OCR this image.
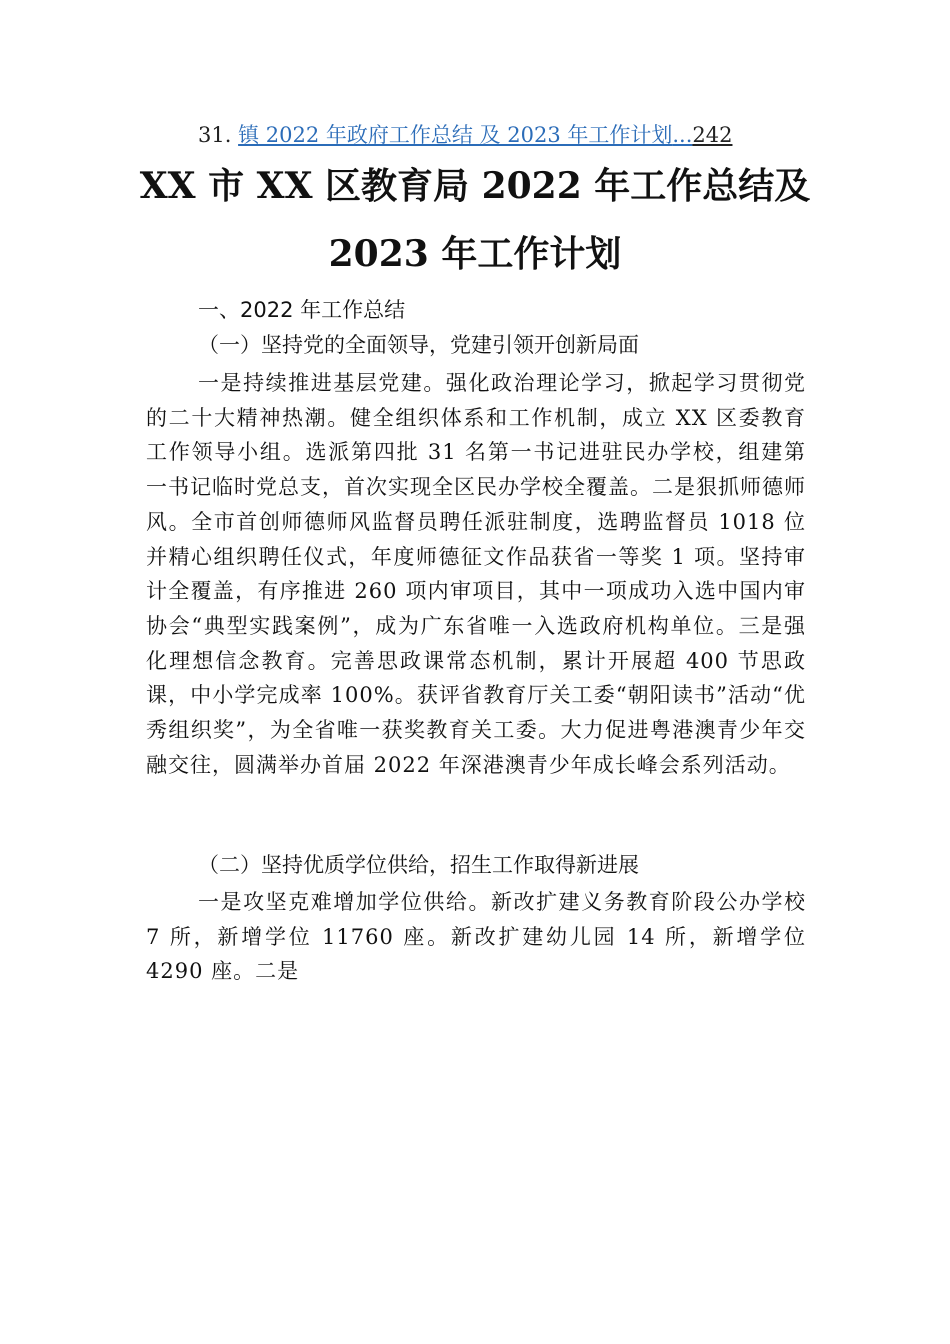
31. 镇 2022 年政府工作总结 及 2023 年工作计划...242
XX 市 XX 区教育局 2022 年工作总结及
2023 年工作计划
一、2022 年工作总结
（一）坚持党的全面领导，党建引领开创新局面

一是持续推进基层党建。强化政治理论学习，掀起学习贯彻党的二十大精神热潮。健全组织体系和工作机制，成立 XX 区委教育工作领导小组。选派第四批 31 名第一书记进驻民办学校，组建第一书记临时党总支，首次实现全区民办学校全覆盖。二是狠抓师德师风。全市首创师德师风监督员聘任派驻制度，选聘监督员 1018 位并精心组织聘任仪式，年度师德征文作品获省一等奖 1 项。坚持审计全覆盖，有序推进 260 项内审项目，其中一项成功入选中国内审协会“典型实践案例”，成为广东省唯一入选政府机构单位。三是强化理想信念教育。完善思政课常态机制，累计开展超 400 节思政课，中小学完成率 100%。获评省教育厅关工委“朝阳读书”活动“优秀组织奖”，为全省唯一获奖教育关工委。大力促进粤港澳青少年交融交往，圆满举办首届 2022 年深港澳青少年成长峰会系列活动。

（二）坚持优质学位供给，招生工作取得新进展

一是攻坚克难增加学位供给。新改扩建义务教育阶段公办学校 7 所，新增学位 11760 座。新改扩建幼儿园 14 所，新增学位 4290 座。二是
